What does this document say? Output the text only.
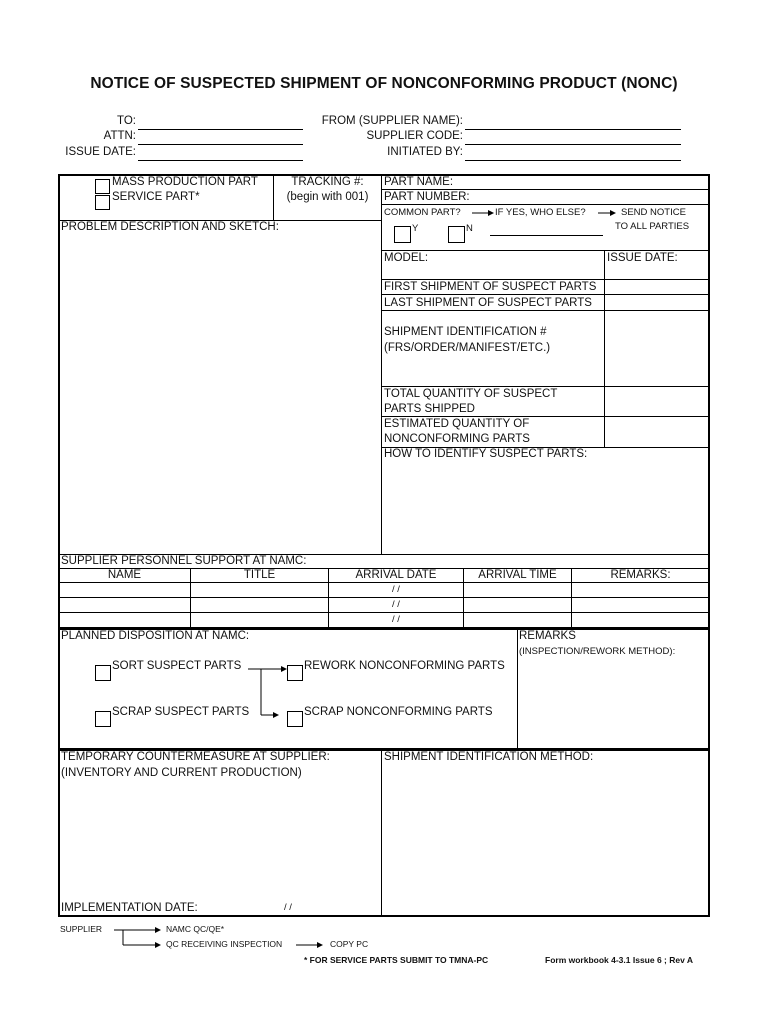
NOTICE OF SUSPECTED SHIPMENT OF NONCONFORMING PRODUCT (NONC)
TO:
ATTN:
ISSUE DATE:
FROM (SUPPLIER NAME):
SUPPLIER CODE:
INITIATED BY:
MASS PRODUCTION PART
SERVICE PART*
TRACKING #:
(begin with 001)
PROBLEM DESCRIPTION AND SKETCH:
PART NAME:
PART NUMBER:
COMMON PART?	IF YES, WHO ELSE?	SEND NOTICE
TO ALL PARTIES
Y	N
MODEL:	ISSUE DATE:
FIRST SHIPMENT OF SUSPECT PARTS
LAST SHIPMENT OF SUSPECT PARTS
SHIPMENT IDENTIFICATION #
(FRS/ORDER/MANIFEST/ETC.)
TOTAL QUANTITY OF SUSPECT
PARTS SHIPPED
ESTIMATED QUANTITY OF
NONCONFORMING PARTS
HOW TO IDENTIFY SUSPECT PARTS:
SUPPLIER PERSONNEL SUPPORT AT NAMC:
NAME	TITLE	ARRIVAL DATE	ARRIVAL TIME	REMARKS:
/ /
/ /
/ /
PLANNED DISPOSITION AT NAMC:	REMARKS
(INSPECTION/REWORK METHOD):
SORT SUSPECT PARTS	REWORK NONCONFORMING PARTS
SCRAP SUSPECT PARTS	SCRAP NONCONFORMING PARTS
TEMPORARY COUNTERMEASURE AT SUPPLIER:
(INVENTORY AND CURRENT PRODUCTION)
SHIPMENT IDENTIFICATION METHOD:
IMPLEMENTATION DATE:	/ /
SUPPLIER	NAMC QC/QE*
QC RECEIVING INSPECTION	COPY PC
* FOR SERVICE PARTS SUBMIT TO TMNA-PC	Form workbook 4-3.1 Issue 6 ; Rev A
